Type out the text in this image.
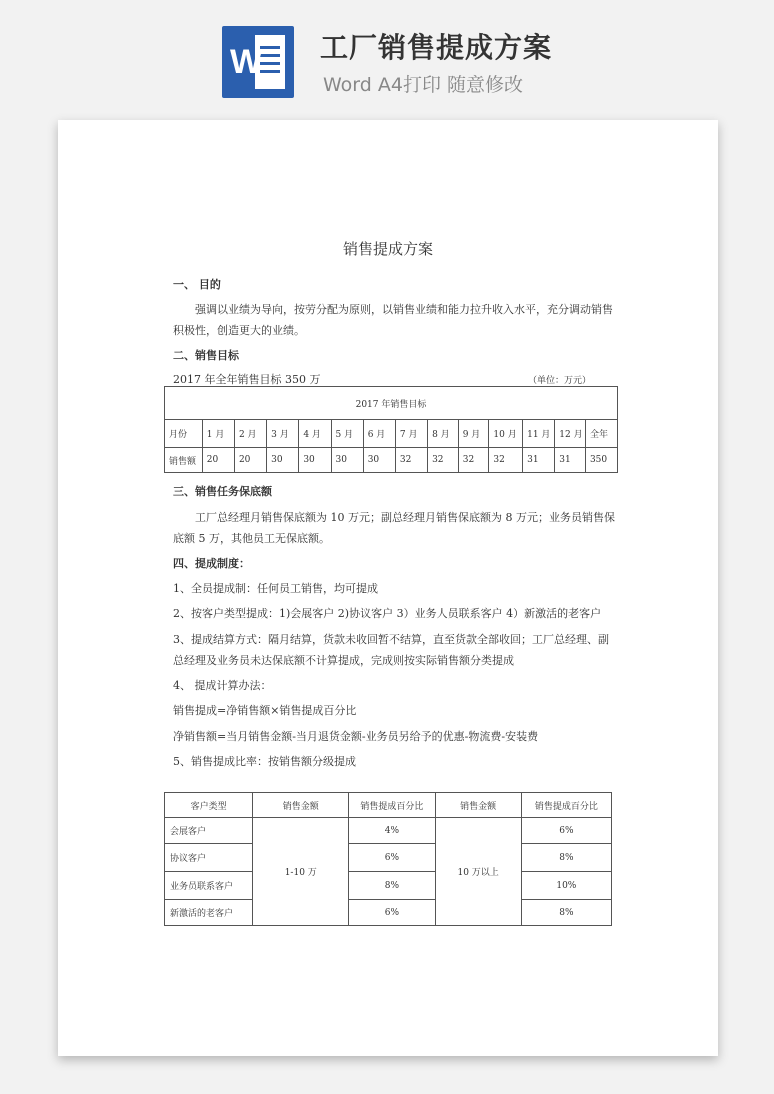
W 工厂销售提成方案
Word A4打印 随意修改
销售提成方案
一、 目的
强调以业绩为导向，按劳分配为原则，以销售业绩和能力拉升收入水平，充分调动销售
积极性，创造更大的业绩。
二、销售目标
2017 年全年销售目标 350 万	（单位：万元）
2017 年销售目标													
月份	1 月	2 月	3 月	4 月	5 月	6 月	7 月	8 月	9 月	10 月	11 月	12 月	全年
销售额	20	20	30	30	30	30	32	32	32	32	31	31	350
三、销售任务保底额
工厂总经理月销售保底额为 10 万元；副总经理月销售保底额为 8 万元；业务员销售保
底额 5 万，其他员工无保底额。
四、提成制度：
1、全员提成制：任何员工销售，均可提成
2、按客户类型提成：1)会展客户 2)协议客户 3）业务人员联系客户 4）新激活的老客户
3、提成结算方式：隔月结算，货款未收回暂不结算，直至货款全部收回；工厂总经理、副
总经理及业务员未达保底额不计算提成，完成则按实际销售额分类提成
4、 提成计算办法：
销售提成=净销售额×销售提成百分比
净销售额=当月销售金额-当月退货金额-业务员另给予的优惠-物流费-安装费
5、销售提成比率：按销售额分级提成
客户类型	销售金额	销售提成百分比	销售金额	销售提成百分比
会展客户	1-10 万	4%	10 万以上	6%
协议客户		6%		8%
业务员联系客户		8%		10%
新激活的老客户		6%		8%
